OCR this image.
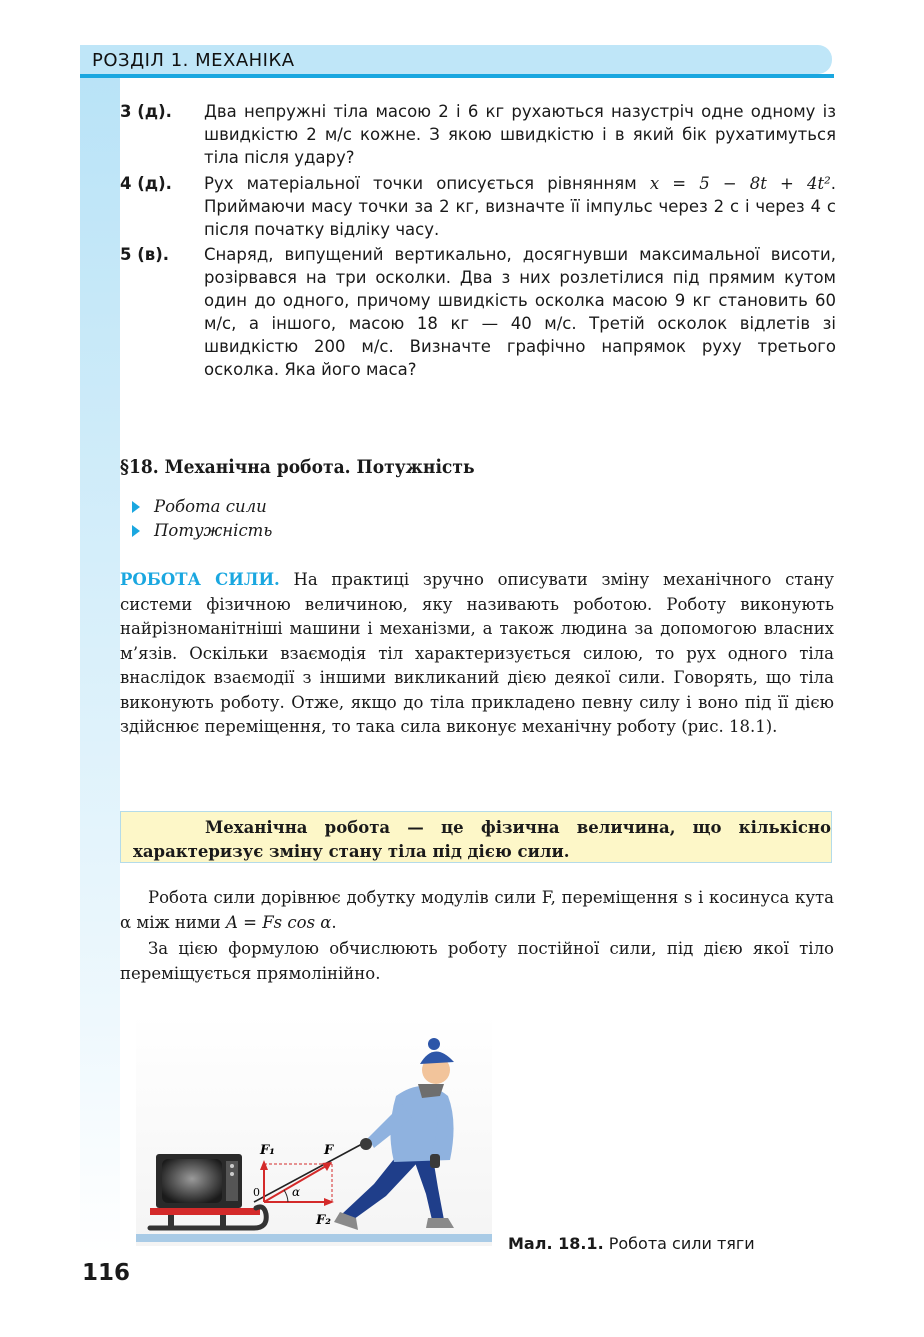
РОЗДІЛ 1. МЕХАНІКА
3 (д). Два непружні тіла масою 2 і 6 кг рухаються назустріч одне одному із швидкістю 2 м/с кожне. З якою швидкістю і в який бік рухатимуться тіла після удару?
4 (д). Рух матеріальної точки описується рівнянням x = 5 − 8t + 4t². Приймаючи масу точки за 2 кг, визначте її імпульс через 2 с і через 4 с після початку відліку часу.
5 (в). Снаряд, випущений вертикально, досягнувши максимальної висоти, розірвався на три осколки. Два з них розлетілися під прямим кутом один до одного, причому швидкість осколка масою 9 кг становить 60 м/с, а іншого, масою 18 кг — 40 м/с. Третій осколок відлетів зі швидкістю 200 м/с. Визначте графічно напрямок руху третього осколка. Яка його маса?
§18. Механічна робота. Потужність
Робота сили
Потужність
РОБОТА СИЛИ. На практиці зручно описувати зміну механічного стану системи фізичною величиною, яку називають роботою. Роботу виконують найрізноманітніші машини і механізми, а також людина за допомогою власних м’язів. Оскільки взаємодія тіл характеризується силою, то рух одного тіла внаслідок взаємодії з іншими викликаний дією деякої сили. Говорять, що тіла виконують роботу. Отже, якщо до тіла прикладено певну силу і воно під її дією здійснює переміщення, то така сила виконує механічну роботу (рис. 18.1).
Механічна робота — це фізична величина, що кількісно характеризує зміну стану тіла під дією сили.
Робота сили дорівнює добутку модулів сили F, переміщення s і косинуса кута α між ними A = Fs cos α.
За цією формулою обчислюють роботу постійної сили, під дією якої тіло переміщується прямолінійно.
F₁	F
F₂
α
0
Мал. 18.1. Робота сили тяги
116
